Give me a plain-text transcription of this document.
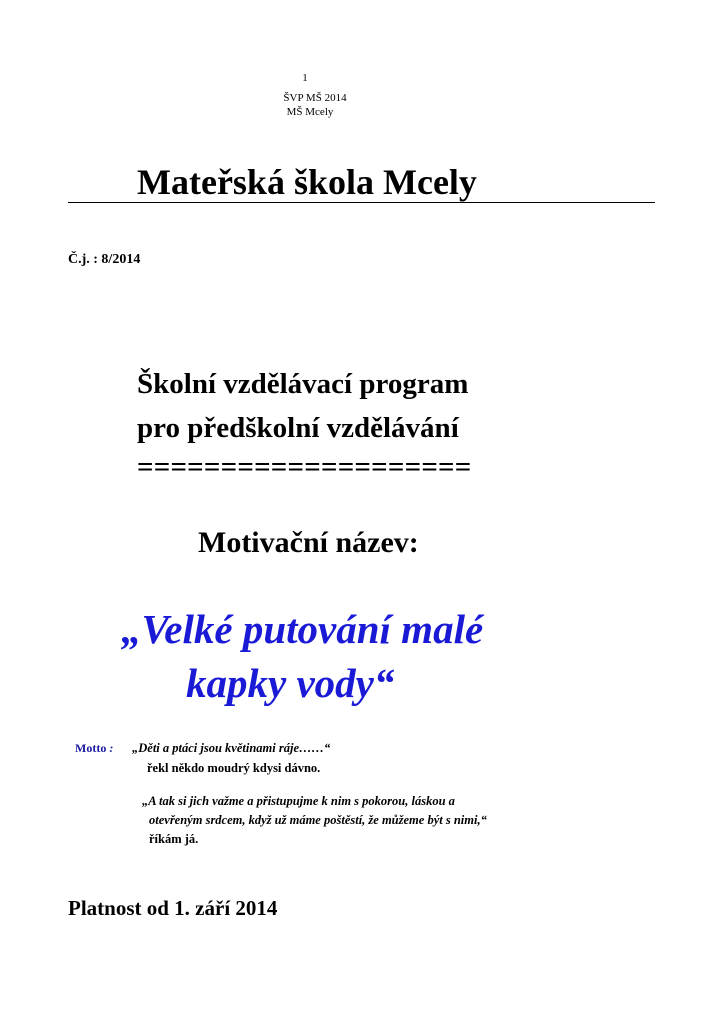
1
ŠVP MŠ 2014
MŠ Mcely
Mateřská škola Mcely
Č.j. : 8/2014
Školní vzdělávací program
pro předškolní vzdělávání
====================
Motivační název:
„Velké putování malé
kapky vody“
Motto : „Děti a ptáci jsou květinami ráje……“
řekl někdo moudrý kdysi dávno.
„A tak si jich važme a přistupujme k nim s pokorou, láskou a
otevřeným srdcem, když už máme poštěstí, že můžeme být s nimi,“
říkám já.
Platnost od 1. září 2014
